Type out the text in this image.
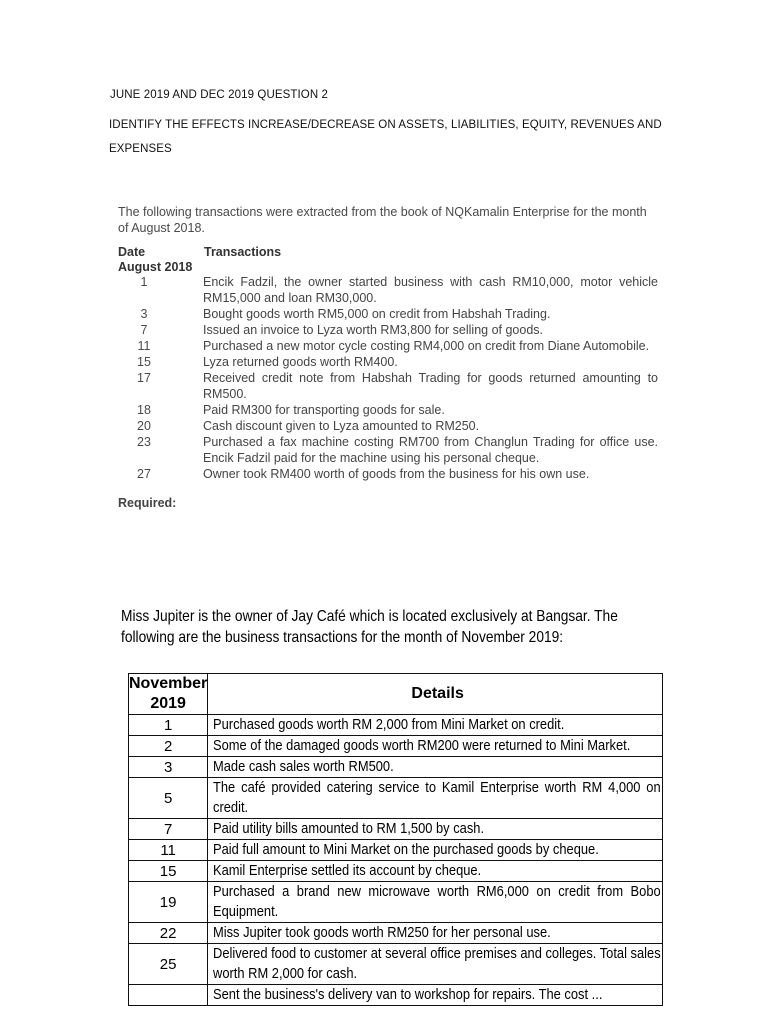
JUNE 2019 AND DEC 2019 QUESTION 2
IDENTIFY THE EFFECTS INCREASE/DECREASE ON ASSETS, LIABILITIES, EQUITY, REVENUES AND EXPENSES

The following transactions were extracted from the book of NQKamalin Enterprise for the month of August 2018.

Date	Transactions
August 2018
1	Encik Fadzil, the owner started business with cash RM10,000, motor vehicle RM15,000 and loan RM30,000.
3	Bought goods worth RM5,000 on credit from Habshah Trading.
7	Issued an invoice to Lyza worth RM3,800 for selling of goods.
11	Purchased a new motor cycle costing RM4,000 on credit from Diane Automobile.
15	Lyza returned goods worth RM400.
17	Received credit note from Habshah Trading for goods returned amounting to RM500.
18	Paid RM300 for transporting goods for sale.
20	Cash discount given to Lyza amounted to RM250.
23	Purchased a fax machine costing RM700 from Changlun Trading for office use. Encik Fadzil paid for the machine using his personal cheque.
27	Owner took RM400 worth of goods from the business for his own use.
Required:

Miss Jupiter is the owner of Jay Café which is located exclusively at Bangsar. The following are the business transactions for the month of November 2019:

November 2019	Details
1	Purchased goods worth RM 2,000 from Mini Market on credit.
2	Some of the damaged goods worth RM200 were returned to Mini Market.
3	Made cash sales worth RM500.
5	The café provided catering service to Kamil Enterprise worth RM 4,000 on credit.
7	Paid utility bills amounted to RM 1,500 by cash.
11	Paid full amount to Mini Market on the purchased goods by cheque.
15	Kamil Enterprise settled its account by cheque.
19	Purchased a brand new microwave worth RM6,000 on credit from Bobo Equipment.
22	Miss Jupiter took goods worth RM250 for her personal use.
25	Delivered food to customer at several office premises and colleges. Total sales worth RM 2,000 for cash.
	Sent the business's delivery van to workshop for repairs. The cost ...
